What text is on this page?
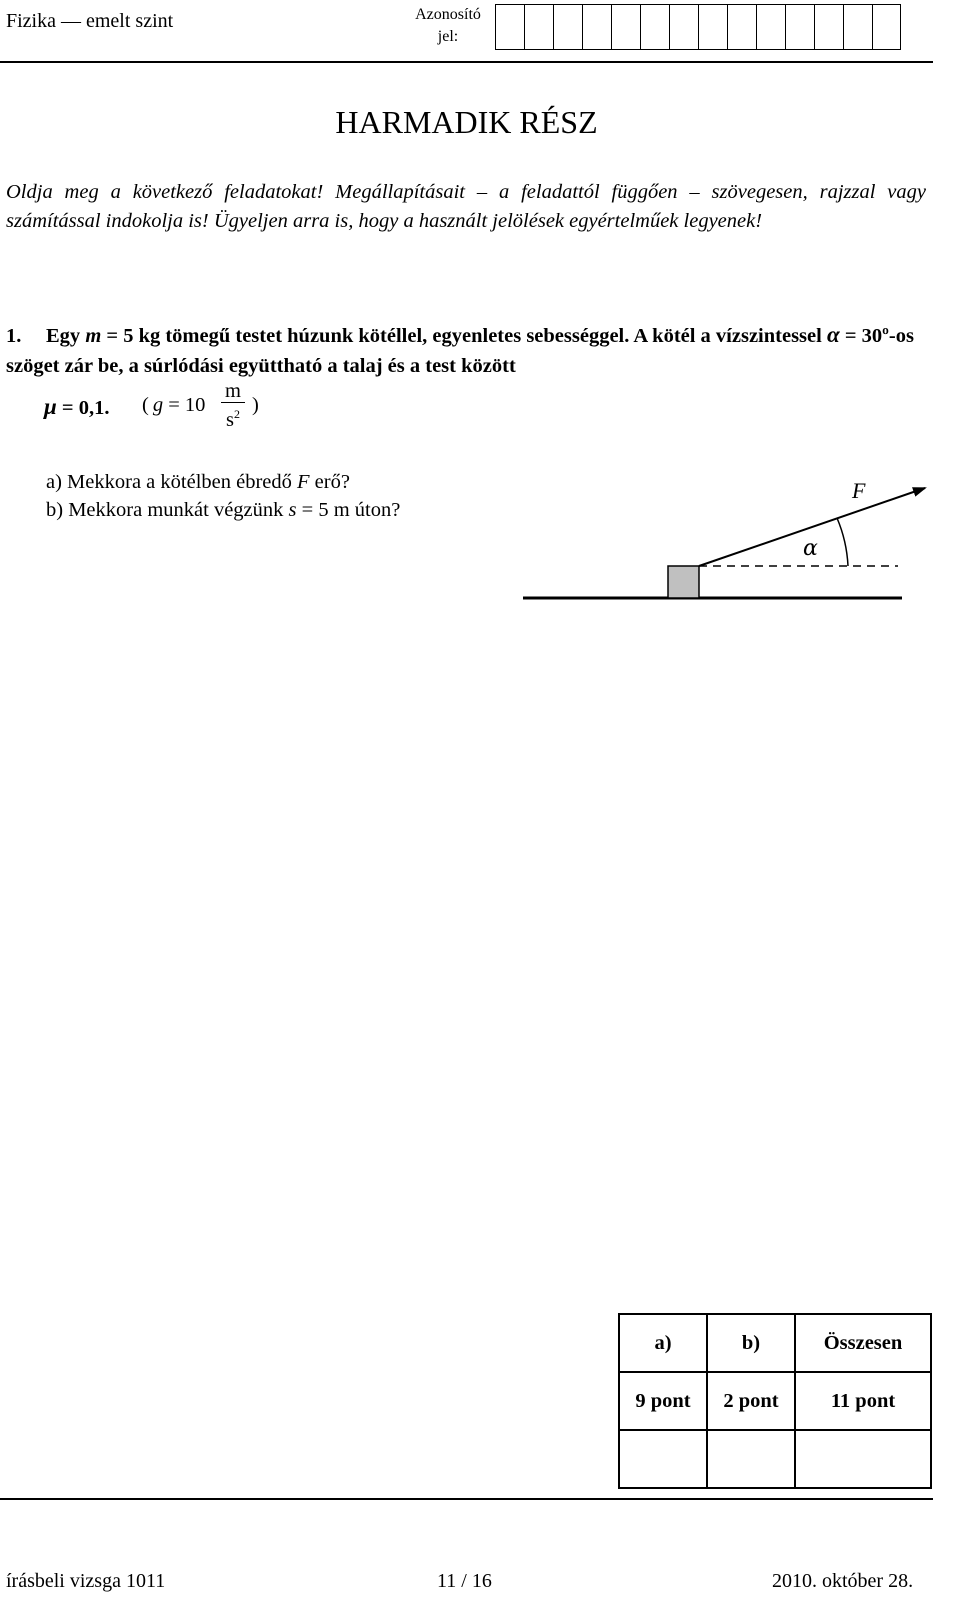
Fizika — emelt szint	Azonosító
jel:
HARMADIK RÉSZ
Oldja meg a következő feladatokat! Megállapításait – a feladattól függően – szövegesen, rajzzal vagy számítással indokolja is! Ügyeljen arra is, hogy a használt jelölések egyértelműek legyenek!
1. Egy m = 5 kg tömegű testet húzunk kötéllel, egyenletes sebességgel. A kötél a vízszintessel α = 30º-os szöget zár be, a súrlódási együttható a talaj és a test között
μ = 0,1. ( g = 10
m
$s^2$ )
a) Mekkora a kötélben ébredő F erő?
b) Mekkora munkát végzünk s = 5 m úton?
F
α
a)	b)	Összesen
9 pont	2 pont	11 pont

írásbeli vizsga 1011	11 / 16	2010. október 28.
